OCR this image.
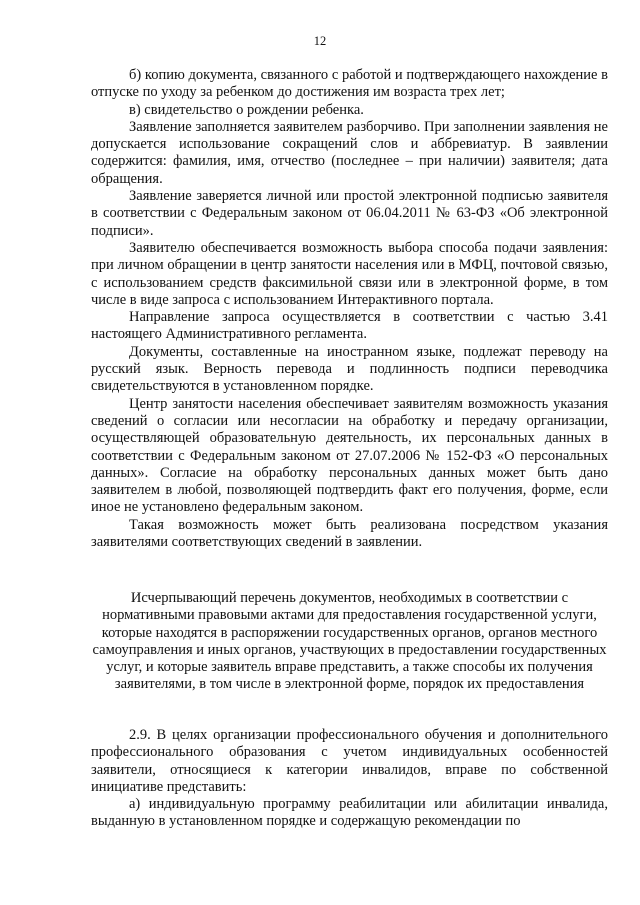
12

б) копию документа, связанного с работой и подтверждающего нахождение в отпуске по уходу за ребенком до достижения им возраста трех лет;

в) свидетельство о рождении ребенка.

Заявление заполняется заявителем разборчиво. При заполнении заявления не допускается использование сокращений слов и аббревиатур. В заявлении содержится: фамилия, имя, отчество (последнее – при наличии) заявителя; дата обращения.

Заявление заверяется личной или простой электронной подписью заявителя в соответствии с Федеральным законом от 06.04.2011 № 63-ФЗ «Об электронной подписи».

Заявителю обеспечивается возможность выбора способа подачи заявления: при личном обращении в центр занятости населения или в МФЦ, почтовой связью, с использованием средств факсимильной связи или в электронной форме, в том числе в виде запроса с использованием Интерактивного портала.

Направление запроса осуществляется в соответствии с частью 3.41 настоящего Административного регламента.

Документы, составленные на иностранном языке, подлежат переводу на русский язык. Верность перевода и подлинность подписи переводчика свидетельствуются в установленном порядке.

Центр занятости населения обеспечивает заявителям возможность указания сведений о согласии или несогласии на обработку и передачу организации, осуществляющей образовательную деятельность, их персональных данных в соответствии с Федеральным законом от 27.07.2006 № 152-ФЗ «О персональных данных». Согласие на обработку персональных данных может быть дано заявителем в любой, позволяющей подтвердить факт его получения, форме, если иное не установлено федеральным законом.

Такая возможность может быть реализована посредством указания заявителями соответствующих сведений в заявлении.

Исчерпывающий перечень документов, необходимых в соответствии с нормативными правовыми актами для предоставления государственной услуги, которые находятся в распоряжении государственных органов, органов местного самоуправления и иных органов, участвующих в предоставлении государственных услуг, и которые заявитель вправе представить, а также способы их получения заявителями, в том числе в электронной форме, порядок их предоставления

2.9. В целях организации профессионального обучения и дополнительного профессионального образования с учетом индивидуальных особенностей заявители, относящиеся к категории инвалидов, вправе по собственной инициативе представить:

а) индивидуальную программу реабилитации или абилитации инвалида, выданную в установленном порядке и содержащую рекомендации по
